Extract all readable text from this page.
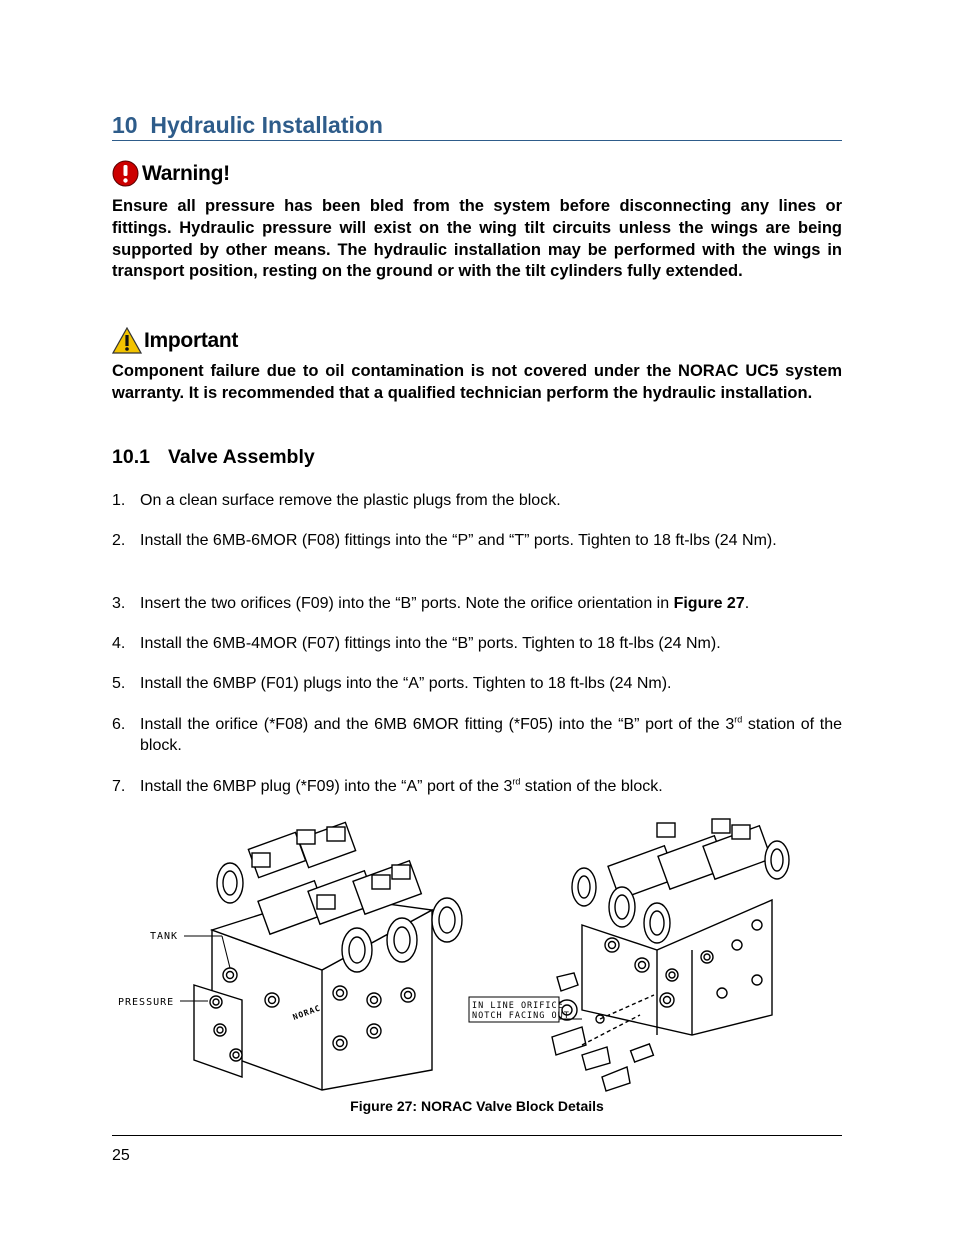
10 Hydraulic Installation
Warning!
Ensure all pressure has been bled from the system before disconnecting any lines or fittings. Hydraulic pressure will exist on the wing tilt circuits unless the wings are being supported by other means. The hydraulic installation may be performed with the wings in transport position, resting on the ground or with the tilt cylinders fully extended.
Important
Component failure due to oil contamination is not covered under the NORAC UC5 system warranty. It is recommended that a qualified technician perform the hydraulic installation.
10.1 Valve Assembly
1. On a clean surface remove the plastic plugs from the block.
2. Install the 6MB-6MOR (F08) fittings into the “P” and “T” ports. Tighten to 18 ft-lbs (24 Nm).
3. Insert the two orifices (F09) into the “B” ports. Note the orifice orientation in Figure 27.
4. Install the 6MB-4MOR (F07) fittings into the “B” ports. Tighten to 18 ft-lbs (24 Nm).
5. Install the 6MBP (F01) plugs into the “A” ports. Tighten to 18 ft-lbs (24 Nm).
6. Install the orifice (*F08) and the 6MB 6MOR fitting (*F05) into the “B” port of the 3rd station of the block.
7. Install the 6MBP plug (*F09) into the “A” port of the 3rd station of the block.
TANK
PRESSURE	IN LINE ORIFICE
NOTCH FACING OUT
NORAC
Figure 27: NORAC Valve Block Details
25
